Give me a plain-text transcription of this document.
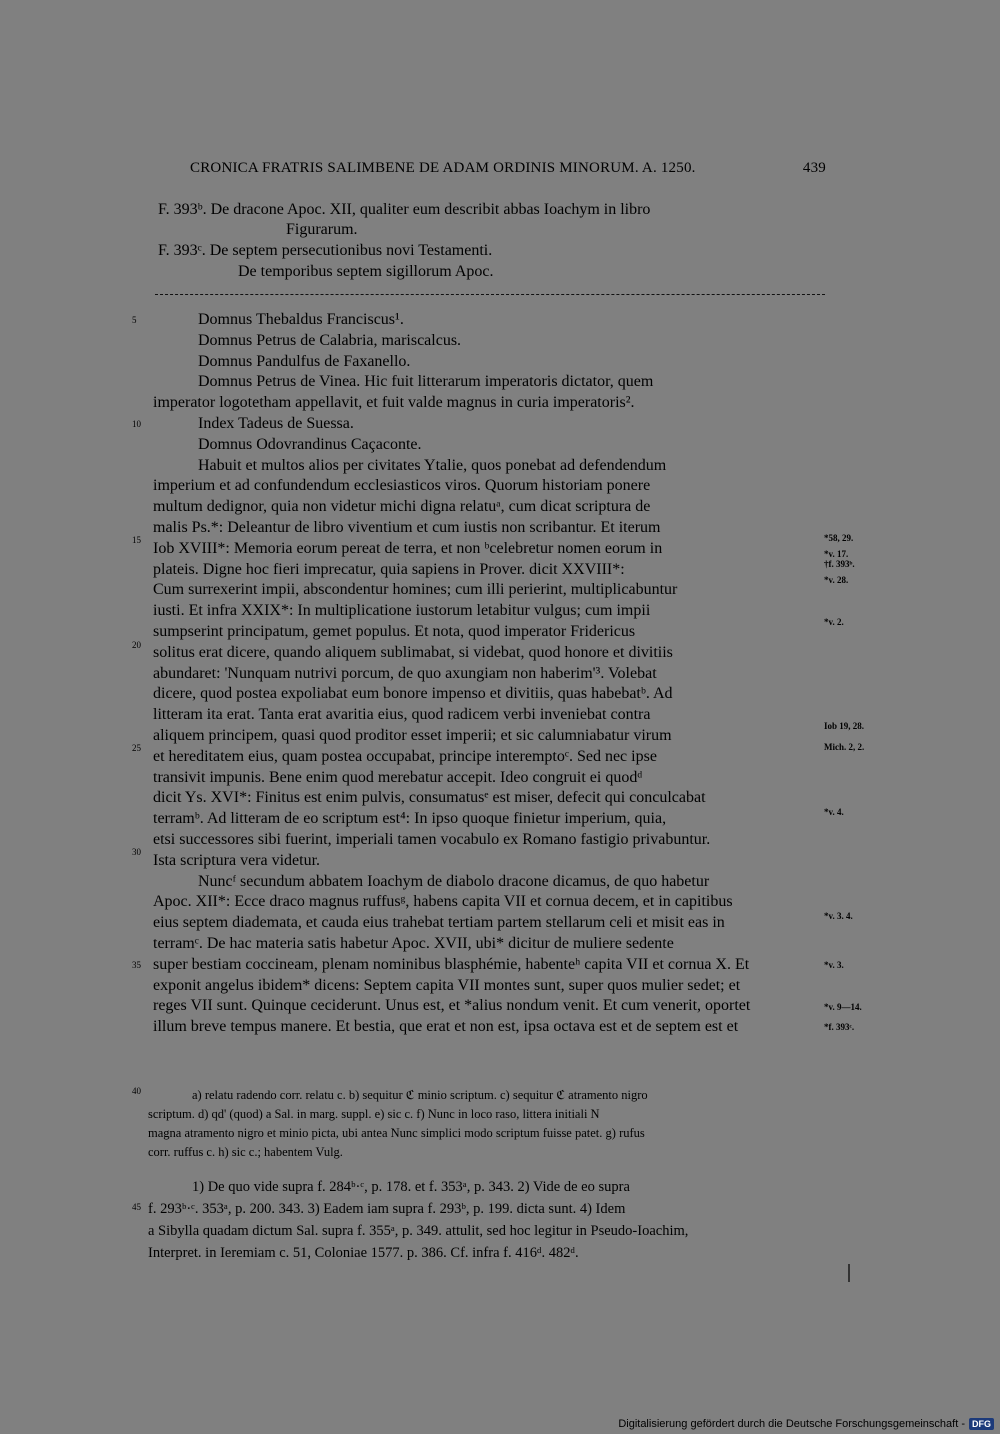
CRONICA FRATRIS SALIMBENE DE ADAM ORDINIS MINORUM. A. 1250.	439
F. 393ᵇ. De dracone Apoc. XII, qualiter eum describit abbas Ioachym in libro
Figurarum.
F. 393ᶜ. De septem persecutionibus novi Testamenti.
De temporibus septem sigillorum Apoc.
Domnus Thebaldus Franciscus¹.
Domnus Petrus de Calabria, mariscalcus.
Domnus Pandulfus de Faxanello.
Domnus Petrus de Vinea. Hic fuit litterarum imperatoris dictator, quem
imperator logotetham appellavit, et fuit valde magnus in curia imperatoris².
Index Tadeus de Suessa.
Domnus Odovrandinus Caçaconte.
Habuit et multos alios per civitates Ytalie, quos ponebat ad defendendum
imperium et ad confundendum ecclesiasticos viros. Quorum historiam ponere
multum dedignor, quia non videtur michi digna relatuᵃ, cum dicat scriptura de
malis Ps.*: Deleantur de libro viventium et cum iustis non scribantur. Et iterum
Iob XVIII*: Memoria eorum pereat de terra, et non ᵇcelebretur nomen eorum in
plateis. Digne hoc fieri imprecatur, quia sapiens in Prover. dicit XXVIII*:
Cum surrexerint impii, abscondentur homines; cum illi perierint, multiplicabuntur
iusti. Et infra XXIX*: In multiplicatione iustorum letabitur vulgus; cum impii
sumpserint principatum, gemet populus. Et nota, quod imperator Fridericus
solitus erat dicere, quando aliquem sublimabat, si videbat, quod honore et divitiis
abundaret: 'Nunquam nutrivi porcum, de quo axungiam non haberim'³. Volebat
dicere, quod postea expoliabat eum bonore impenso et divitiis, quas habebatᵇ. Ad
litteram ita erat. Tanta erat avaritia eius, quod radicem verbi inveniebat contra
aliquem principem, quasi quod proditor esset imperii; et sic calumniabatur virum
et hereditatem eius, quam postea occupabat, principe interemptoᶜ. Sed nec ipse
transivit impunis. Bene enim quod merebatur accepit. Ideo congruit ei quodᵈ
dicit Ys. XVI*: Finitus est enim pulvis, consumatusᵉ est miser, defecit qui conculcabat
terramᵇ. Ad litteram de eo scriptum est⁴: In ipso quoque finietur imperium, quia,
etsi successores sibi fuerint, imperiali tamen vocabulo ex Romano fastigio privabuntur.
Ista scriptura vera videtur.
Nuncᶠ secundum abbatem Ioachym de diabolo dracone dicamus, de quo habetur
Apoc. XII*: Ecce draco magnus ruffusᵍ, habens capita VII et cornua decem, et in capitibus
eius septem diademata, et cauda eius trahebat tertiam partem stellarum celi et misit eas in
terramᶜ. De hac materia satis habetur Apoc. XVII, ubi* dicitur de muliere sedente
super bestiam coccineam, plenam nominibus blasphémie, habenteʰ capita VII et cornua X. Et
exponit angelus ibidem* dicens: Septem capita VII montes sunt, super quos mulier sedet; et
reges VII sunt. Quinque ceciderunt. Unus est, et *alius nondum venit. Et cum venerit, oportet
illum breve tempus manere. Et bestia, que erat et non est, ipsa octava est et de septem est et
5
10
15
20
25
30
35
40
45
*58, 29.
*v. 17.
†f. 393ᵇ.
*v. 28.
*v. 2.
Iob 19, 28.
Mich. 2, 2.
*v. 4.
*v. 3. 4.
*v. 3.
*v. 9—14.
*f. 393ᶜ.
a) relatu radendo corr. relatu c. b) sequitur ℭ minio scriptum. c) sequitur ℭ atramento nigro
scriptum. d) qd' (quod) a Sal. in marg. suppl. e) sic c. f) Nunc in loco raso, littera initiali N
magna atramento nigro et minio picta, ubi antea Nunc simplici modo scriptum fuisse patet. g) rufus
corr. ruffus c. h) sic c.; habentem Vulg.
1) De quo vide supra f. 284ᵇ·ᶜ, p. 178. et f. 353ᵃ, p. 343. 2) Vide de eo supra
f. 293ᵇ·ᶜ. 353ᵃ, p. 200. 343. 3) Eadem iam supra f. 293ᵇ, p. 199. dicta sunt. 4) Idem
a Sibylla quadam dictum Sal. supra f. 355ᵃ, p. 349. attulit, sed hoc legitur in Pseudo-Ioachim,
Interpret. in Ieremiam c. 51, Coloniae 1577. p. 386. Cf. infra f. 416ᵈ. 482ᵈ.
Digitalisierung gefördert durch die Deutsche Forschungsgemeinschaft - DFG
